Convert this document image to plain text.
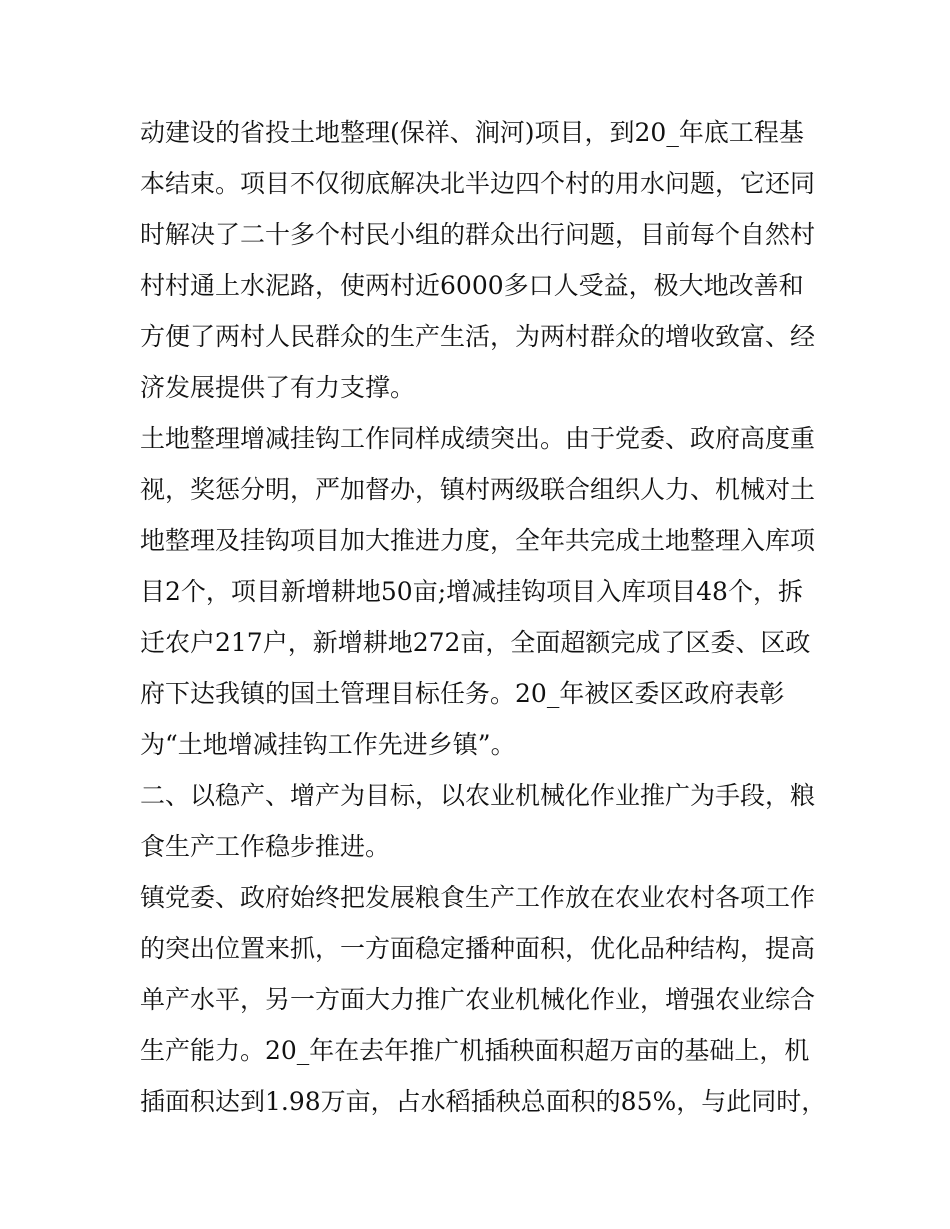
动建设的省投土地整理(保祥、涧河)项目，到20_年底工程基
本结束。项目不仅彻底解决北半边四个村的用水问题，它还同
时解决了二十多个村民小组的群众出行问题，目前每个自然村
村村通上水泥路，使两村近6000多口人受益，极大地改善和
方便了两村人民群众的生产生活，为两村群众的增收致富、经
济发展提供了有力支撑。
土地整理增减挂钩工作同样成绩突出。由于党委、政府高度重
视，奖惩分明，严加督办，镇村两级联合组织人力、机械对土
地整理及挂钩项目加大推进力度，全年共完成土地整理入库项
目2个，项目新增耕地50亩;增减挂钩项目入库项目48个，拆
迁农户217户，新增耕地272亩，全面超额完成了区委、区政
府下达我镇的国土管理目标任务。20_年被区委区政府表彰
为“土地增减挂钩工作先进乡镇”。
二、以稳产、增产为目标，以农业机械化作业推广为手段，粮
食生产工作稳步推进。
镇党委、政府始终把发展粮食生产工作放在农业农村各项工作
的突出位置来抓，一方面稳定播种面积，优化品种结构，提高
单产水平，另一方面大力推广农业机械化作业，增强农业综合
生产能力。20_年在去年推广机插秧面积超万亩的基础上，机
插面积达到1.98万亩，占水稻插秧总面积的85%，与此同时，
